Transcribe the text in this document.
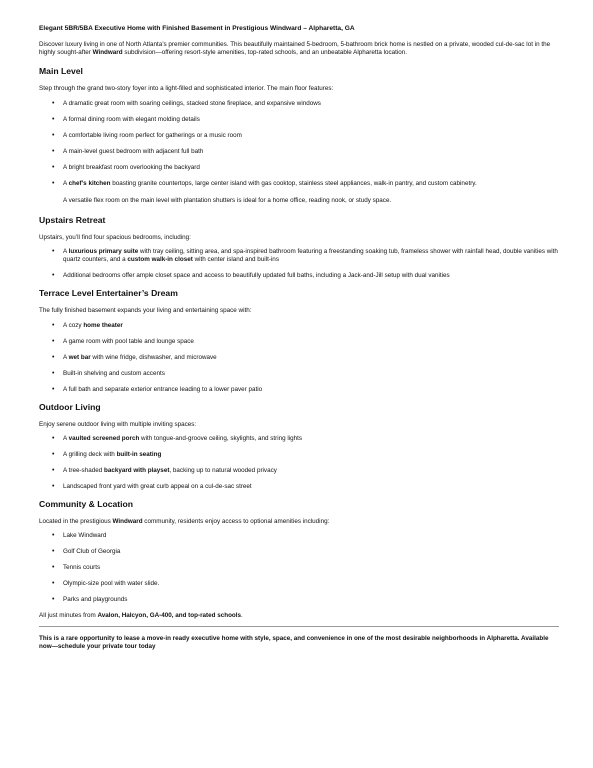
Elegant 5BR/5BA Executive Home with Finished Basement in Prestigious Windward – Alpharetta, GA

Discover luxury living in one of North Atlanta’s premier communities. This beautifully maintained 5-bedroom, 5-bathroom brick home is nestled on a private, wooded cul-de-sac lot in the highly sought-after Windward subdivision—offering resort-style amenities, top-rated schools, and an unbeatable Alpharetta location.

Main Level

Step through the grand two-story foyer into a light-filled and sophisticated interior. The main floor features:

• A dramatic great room with soaring ceilings, stacked stone fireplace, and expansive windows
• A formal dining room with elegant molding details
• A comfortable living room perfect for gatherings or a music room
• A main-level guest bedroom with adjacent full bath
• A bright breakfast room overlooking the backyard
• A chef’s kitchen boasting granite countertops, large center island with gas cooktop, stainless steel appliances, walk-in pantry, and custom cabinetry.

A versatile flex room on the main level with plantation shutters is ideal for a home office, reading nook, or study space.

Upstairs Retreat

Upstairs, you’ll find four spacious bedrooms, including:

• A luxurious primary suite with tray ceiling, sitting area, and spa-inspired bathroom featuring a freestanding soaking tub, frameless shower with rainfall head, double vanities with quartz counters, and a custom walk-in closet with center island and built-ins
• Additional bedrooms offer ample closet space and access to beautifully updated full baths, including a Jack-and-Jill setup with dual vanities
Terrace Level Entertainer’s Dream

The fully finished basement expands your living and entertaining space with:

• A cozy home theater
• A game room with pool table and lounge space
• A wet bar with wine fridge, dishwasher, and microwave
• Built-in shelving and custom accents
• A full bath and separate exterior entrance leading to a lower paver patio
Outdoor Living

Enjoy serene outdoor living with multiple inviting spaces:

• A vaulted screened porch with tongue-and-groove ceiling, skylights, and string lights
• A grilling deck with built-in seating
• A tree-shaded backyard with playset, backing up to natural wooded privacy
• Landscaped front yard with great curb appeal on a cul-de-sac street
Community & Location

Located in the prestigious Windward community, residents enjoy access to optional amenities including:

• Lake Windward
• Golf Club of Georgia
• Tennis courts
• Olympic-size pool with water slide.
• Parks and playgrounds

All just minutes from Avalon, Halcyon, GA-400, and top-rated schools.

This is a rare opportunity to lease a move-in ready executive home with style, space, and convenience in one of the most desirable neighborhoods in Alpharetta. Available now—schedule your private tour today
